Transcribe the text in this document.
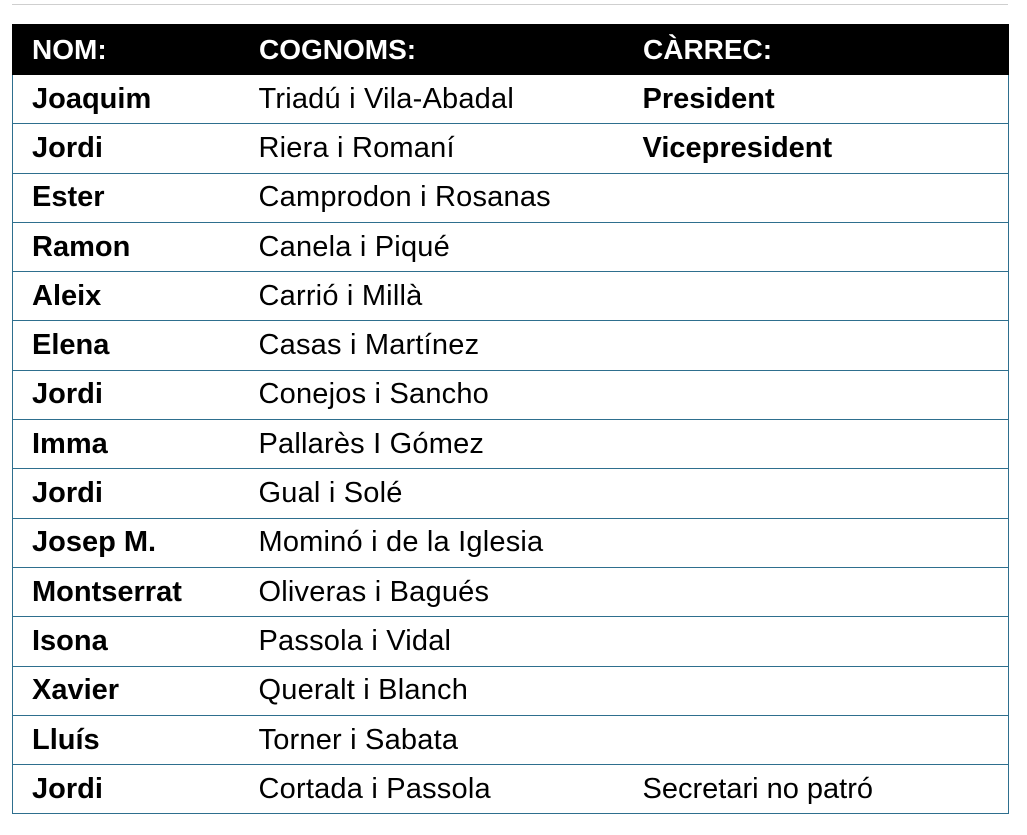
NOM:	COGNOMS:	CÀRREC:
Joaquim	Triadú i Vila-Abadal	President
Jordi	Riera i Romaní	Vicepresident
Ester	Camprodon i Rosanas	
Ramon	Canela i Piqué	
Aleix	Carrió i Millà	
Elena	Casas i Martínez	
Jordi	Conejos i Sancho	
Imma	Pallarès I Gómez	
Jordi	Gual i Solé	
Josep M.	Mominó i de la Iglesia	
Montserrat	Oliveras i Bagués	
Isona	Passola i Vidal	
Xavier	Queralt i Blanch	
Lluís	Torner i Sabata	
Jordi	Cortada i Passola	Secretari no patró
